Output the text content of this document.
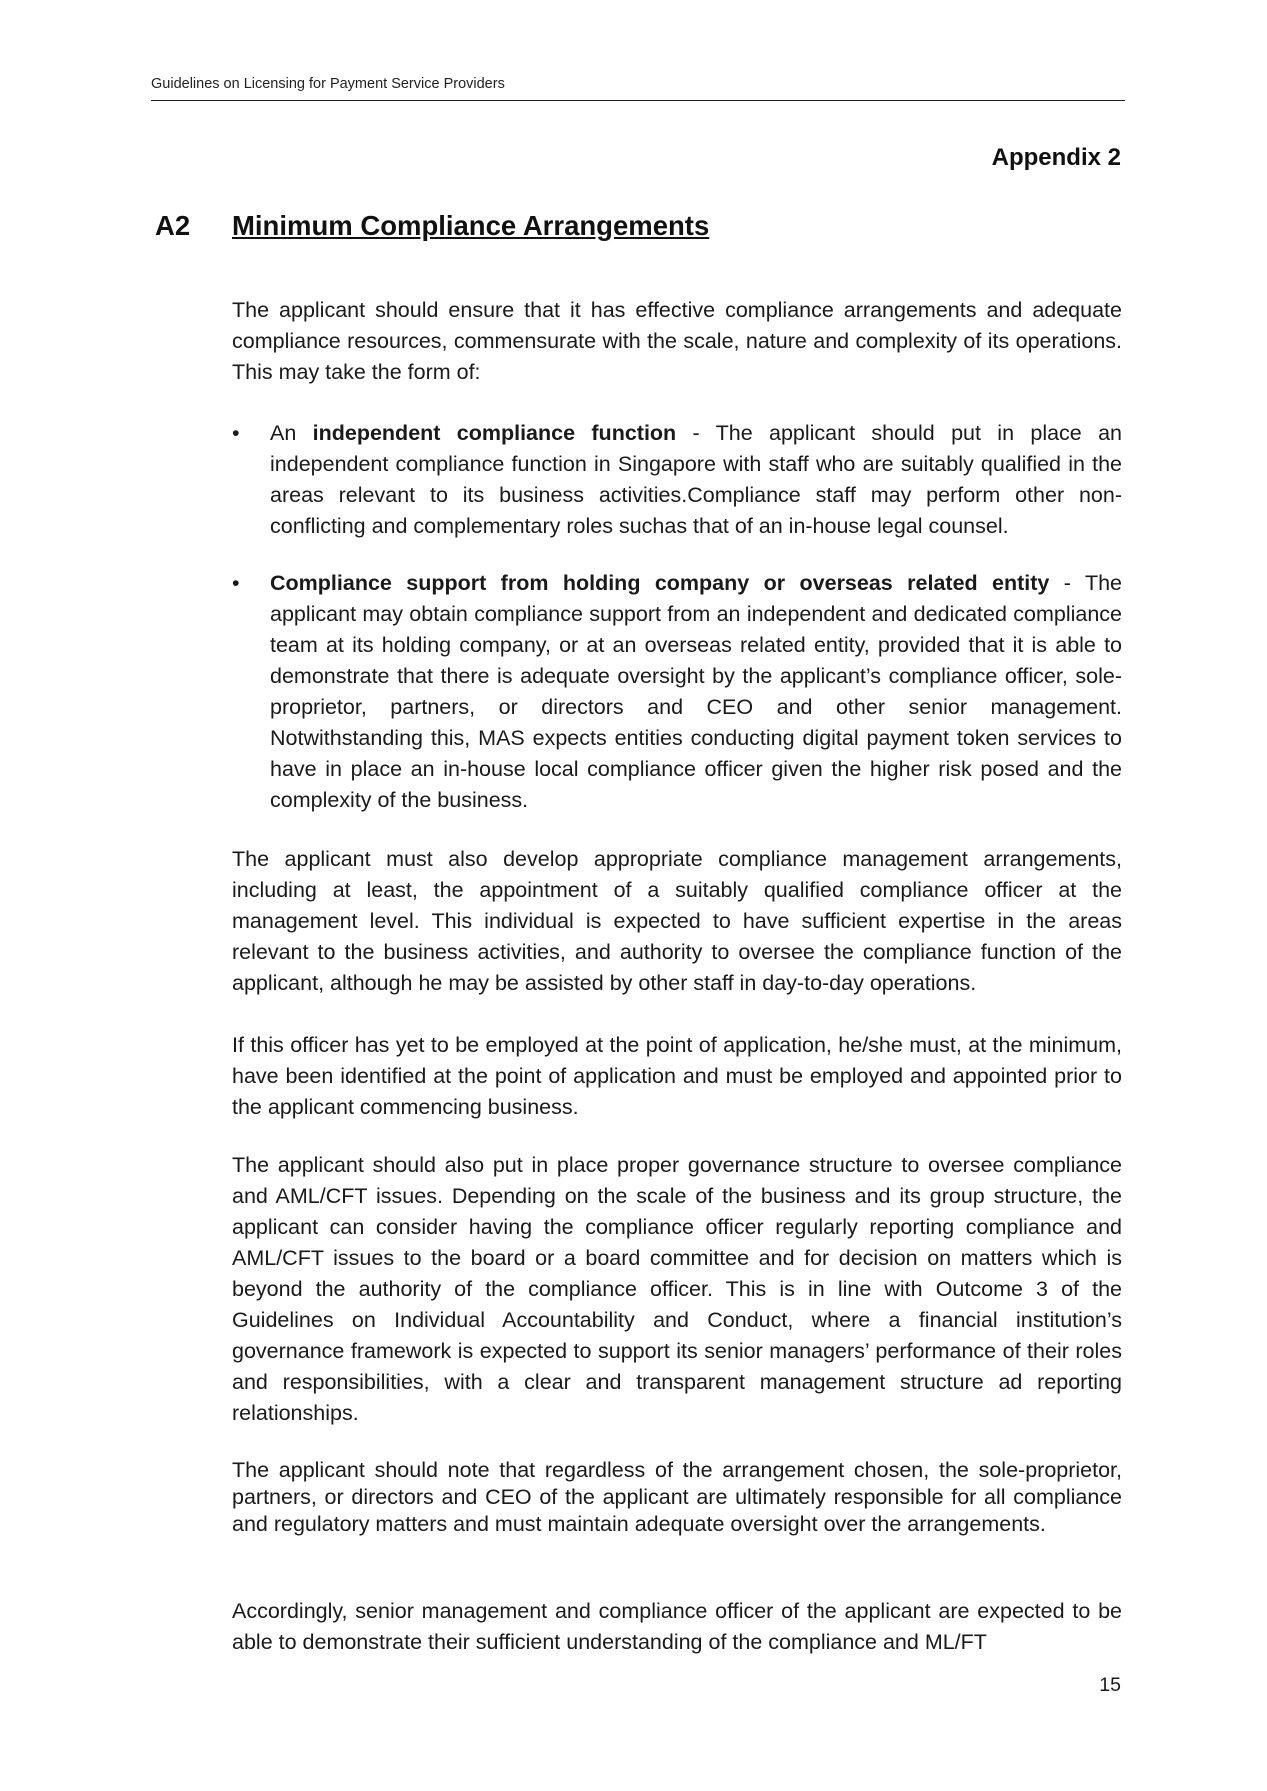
Guidelines on Licensing for Payment Service Providers
Appendix 2
A2 Minimum Compliance Arrangements

The applicant should ensure that it has effective compliance arrangements and adequate compliance resources, commensurate with the scale, nature and complexity of its operations. This may take the form of:

• An independent compliance function - The applicant should put in place an independent compliance function in Singapore with staff who are suitably qualified in the areas relevant to its business activities.Compliance staff may perform other non-conflicting and complementary roles suchas that of an in-house legal counsel.

• Compliance support from holding company or overseas related entity - The applicant may obtain compliance support from an independent and dedicated compliance team at its holding company, or at an overseas related entity, provided that it is able to demonstrate that there is adequate oversight by the applicant’s compliance officer, sole-proprietor, partners, or directors and CEO and other senior management. Notwithstanding this, MAS expects entities conducting digital payment token services to have in place an in-house local compliance officer given the higher risk posed and the complexity of the business.

The applicant must also develop appropriate compliance management arrangements, including at least, the appointment of a suitably qualified compliance officer at the management level. This individual is expected to have sufficient expertise in the areas relevant to the business activities, and authority to oversee the compliance function of the applicant, although he may be assisted by other staff in day-to-day operations.

If this officer has yet to be employed at the point of application, he/she must, at the minimum, have been identified at the point of application and must be employed and appointed prior to the applicant commencing business.

The applicant should also put in place proper governance structure to oversee compliance and AML/CFT issues. Depending on the scale of the business and its group structure, the applicant can consider having the compliance officer regularly reporting compliance and AML/CFT issues to the board or a board committee and for decision on matters which is beyond the authority of the compliance officer. This is in line with Outcome 3 of the Guidelines on Individual Accountability and Conduct, where a financial institution’s governance framework is expected to support its senior managers’ performance of their roles and responsibilities, with a clear and transparent management structure ad reporting relationships.

The applicant should note that regardless of the arrangement chosen, the sole-proprietor, partners, or directors and CEO of the applicant are ultimately responsible for all compliance and regulatory matters and must maintain adequate oversight over the arrangements.

Accordingly, senior management and compliance officer of the applicant are expected to be able to demonstrate their sufficient understanding of the compliance and ML/FT

15
